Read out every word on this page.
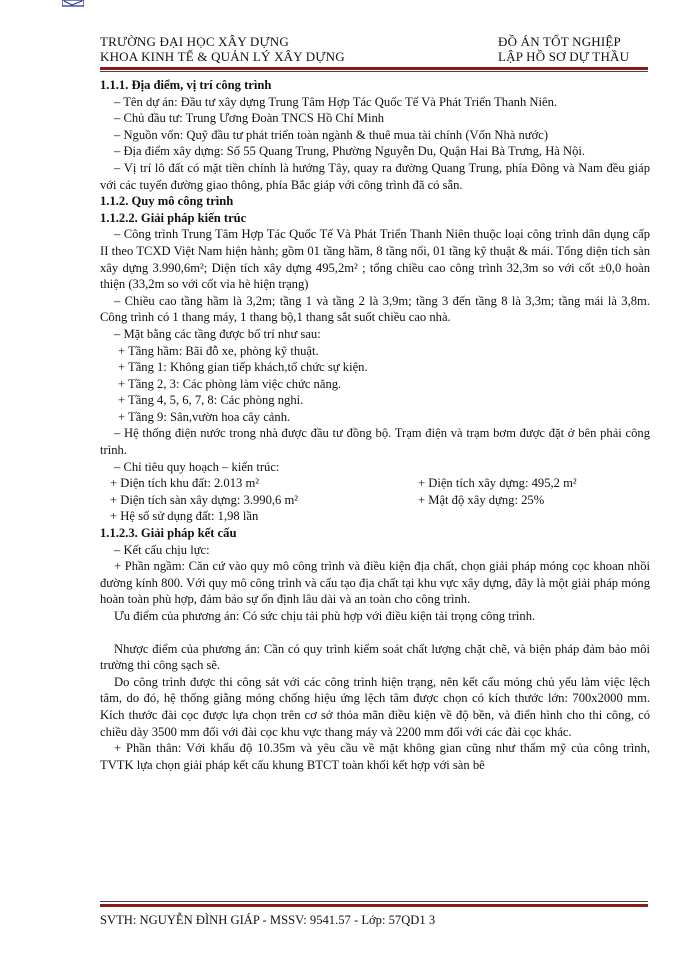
TRƯỜNG ĐẠI HỌC XÂY DỰNG	ĐỒ ÁN TỐT NGHIỆP
KHOA KINH TẾ & QUẢN LÝ XÂY DỰNG	LẬP HỒ SƠ DỰ THẦU

1.1.1. Địa điểm, vị trí công trình

– Tên dự án: Đầu tư xây dựng Trung Tâm Hợp Tác Quốc Tế Và Phát Triển Thanh Niên.

– Chủ đầu tư: Trung Ương Đoàn TNCS Hồ Chí Minh

– Nguồn vốn: Quỹ đầu tư phát triển toàn ngành & thuê mua tài chính (Vốn Nhà nước)

– Địa điểm xây dựng: Số 55 Quang Trung, Phường Nguyễn Du, Quận Hai Bà Trưng, Hà Nội.

– Vị trí lô đất có mặt tiền chính là hướng Tây, quay ra đường Quang Trung, phía Đông và Nam đều giáp với các tuyến đường giao thông, phía Bắc giáp với công trình đã có sẵn.

1.1.2. Quy mô công trình

1.1.2.2. Giải pháp kiến trúc

– Công trình Trung Tâm Hợp Tác Quốc Tế Và Phát Triển Thanh Niên thuộc loại công trình dân dụng cấp II theo TCXD Việt Nam hiện hành; gồm 01 tầng hầm, 8 tầng nổi, 01 tầng kỹ thuật & mái. Tổng diện tích sàn xây dựng 3.990,6m²; Diện tích xây dựng 495,2m² ; tổng chiều cao công trình 32,3m so với cốt ±0,0 hoàn thiện (33,2m so với cốt vỉa hè hiện trạng)

– Chiều cao tầng hầm là 3,2m; tầng 1 và tầng 2 là 3,9m; tầng 3 đến tầng 8 là 3,3m; tầng mái là 3,8m. Công trình có 1 thang máy, 1 thang bộ,1 thang sắt suốt chiều cao nhà.

– Mặt bằng các tầng được bố trí như sau:

+ Tầng hầm: Bãi đỗ xe, phòng kỹ thuật.

+ Tầng 1: Không gian tiếp khách,tổ chức sự kiện.

+ Tầng 2, 3: Các phòng làm việc chức năng.

+ Tầng 4, 5, 6, 7, 8: Các phòng nghỉ.

+ Tầng 9: Sân,vườn hoa cây cảnh.

– Hệ thống điện nước trong nhà được đầu tư đồng bộ. Trạm điện và trạm bơm được đặt ở bên phải công trình.

– Chỉ tiêu quy hoạch – kiến trúc:

+ Diện tích khu đất: 2.013 m²	+ Diện tích xây dựng: 495,2 m²
+ Diện tích sàn xây dựng: 3.990,6 m²	+ Mật độ xây dựng: 25%
+ Hệ số sử dụng đất: 1,98 lần

1.1.2.3. Giải pháp kết cấu

– Kết cấu chịu lực:

+ Phần ngầm: Căn cứ vào quy mô công trình và điều kiện địa chất, chọn giải pháp móng cọc khoan nhồi đường kính 800. Với quy mô công trình và cấu tạo địa chất tại khu vực xây dựng, đây là một giải pháp móng hoàn toàn phù hợp, đảm bảo sự ổn định lâu dài và an toàn cho công trình.

Ưu điểm của phương án: Có sức chịu tải phù hợp với điều kiện tải trọng công trình.

Nhược điểm của phương án: Cần có quy trình kiểm soát chất lượng chặt chẽ, và biện pháp đảm bảo môi trường thi công sạch sẽ.

Do công trình được thi công sát với các công trình hiện trạng, nên kết cấu móng chủ yếu làm việc lệch tâm, do đó, hệ thống giằng móng chống hiệu ứng lệch tâm được chọn có kích thước lớn: 700x2000 mm. Kích thước đài cọc được lựa chọn trên cơ sở thỏa mãn điều kiện về độ bền, và điển hình cho thi công, có chiều dày 3500 mm đối với đài cọc khu vực thang máy và 2200 mm đối với các đài cọc khác.

+ Phần thân: Với khẩu độ 10.35m và yêu cầu về mặt không gian cũng như thẩm mỹ của công trình, TVTK lựa chọn giải pháp kết cấu khung BTCT toàn khối kết hợp với sàn bê

SVTH: NGUYỄN ĐÌNH GIÁP - MSSV: 9541.57 - Lớp: 57QD1 3
